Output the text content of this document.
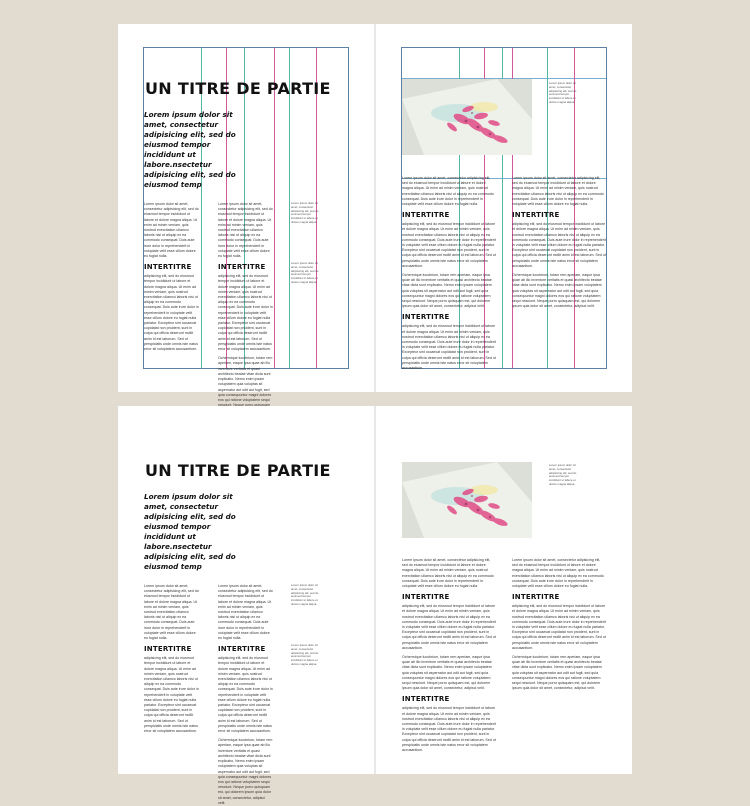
UN TITRE DE PARTIE
Lorem ipsum dolor sit amet, consectetur adipisicing elit, sed do eiusmod tempor incididunt ut labore.nsectetur adipisicing elit, sed do eiusmod temp

Lorem ipsum dolor sit amet, consectetur adipisicing elit, sed do eiusmod tempor incididunt ut labore et dolore magna aliqua. Ut enim ad minim veniam, quis nostrud exercitation ullamco laboris nisi ut aliquip ex ea commodo consequat. Duis aute irure dolor in reprehenderit in voluptate velit esse cillum dolore eu fugiat nulla.

INTERTITRE

adipisicing elit, sed do eiusmod tempor incididunt ut labore et dolore magna aliqua. Ut enim ad minim veniam, quis nostrud exercitation ullamco laboris nisi ut aliquip ex ea commodo consequat. Duis aute irure dolor in reprehenderit in voluptate velit esse cillum dolore eu fugiat nulla pariatur. Excepteur sint occaecat cupidatat non proident, sunt in culpa qui officia deserunt mollit anim id est laborum. Sed ut perspiciatis unde omnis iste natus error sit voluptatem accusantium.

Lorem ipsum dolor sit amet, consectetur adipisicing elit, sed do eiusmod tempor incididunt ut labore et dolore magna aliqua. Ut enim ad minim veniam, quis nostrud exercitation ullamco laboris nisi ut aliquip ex ea commodo consequat. Duis aute irure dolor in reprehenderit in voluptate velit esse cillum dolore eu fugiat nulla.

INTERTITRE

adipisicing elit, sed do eiusmod tempor incididunt ut labore et dolore magna aliqua. Ut enim ad minim veniam, quis nostrud exercitation ullamco laboris nisi ut aliquip ex ea commodo consequat. Duis aute irure dolor in reprehenderit in voluptate velit esse cillum dolore eu fugiat nulla pariatur. Excepteur sint occaecat cupidatat non proident, sunt in culpa qui officia deserunt mollit anim id est laborum. Sed ut perspiciatis unde omnis iste natus error sit voluptatem accusantium.

Ochermique lucubrium, totam rem aperiam, eaque ipsa quae ab illo inventore veritatis et quasi architecto beatae vitae dicta sunt explicabo. Nemo enim ipsam voluptatem quia voluptas sit aspernatur aut odit aut fugit, sed quia consequuntur magni dolores eos qui ratione voluptatem sequi

Lorem ipsum dolor sit amet, consectetur adipisicing elit, sed do eiusmod tempor incididunt ut labore et dolore magna aliqua.
Lorem ipsum dolor sit amet, consectetur adipisicing elit, sed do eiusmod tempor incididunt ut labore et dolore magna aliqua.
Lorem ipsum dolor sit amet, consectetur adipisicing elit, sed do eiusmod tempor incididunt ut labore et dolore magna aliqua.

Lorem ipsum dolor sit amet, consectetur adipisicing elit, sed do eiusmod tempor incididunt ut labore et dolore magna aliqua. Ut enim ad minim veniam, quis nostrud exercitation ullamco laboris nisi ut aliquip ex ea commodo consequat. Duis aute irure dolor in reprehenderit in voluptate velit esse cillum dolore eu fugiat nulla.

INTERTITRE

adipisicing elit, sed do eiusmod tempor incididunt ut labore et dolore magna aliqua. Ut enim ad minim veniam, quis nostrud exercitation ullamco laboris nisi ut aliquip ex ea commodo consequat. Duis aute irure dolor in reprehenderit in voluptate velit esse cillum dolore eu fugiat nulla pariatur. Excepteur sint occaecat cupidatat non proident, sunt in culpa qui officia deserunt mollit anim id est laborum. Sed ut perspiciatis unde omnis iste natus error sit voluptatem accusantium.

Ochermique lucubrium, totam rem aperiam, eaque ipsa quae ab illo inventore veritatis et quasi architecto beatae vitae dicta sunt explicabo. Nemo enim ipsam voluptatem quia voluptas sit aspernatur aut odit aut fugit, sed quia consequuntur magni dolores eos qui ratione voluptatem sequi nesciunt. Neque porro quisquam est, qui dolorem ipsum quia dolor sit amet, consectetur, adipisci velit.

INTERTITRE

adipisicing elit, sed do eiusmod tempor incididunt ut labore et dolore magna aliqua. Ut enim ad minim veniam, quis nostrud exercitation ullamco laboris nisi ut aliquip ex ea commodo consequat. Duis aute irure dolor in reprehenderit in voluptate velit esse cillum dolore eu fugiat nulla pariatur. Excepteur sint occaecat cupidatat non proident, sunt in culpa qui officia deserunt mollit anim id est laborum. Sed ut perspiciatis unde omnis iste natus error sit voluptatem accusantium.

Lorem ipsum dolor sit amet, consectetur adipisicing elit, sed do eiusmod tempor incididunt ut labore et dolore magna aliqua. Ut enim ad minim veniam, quis nostrud exercitation ullamco laboris nisi ut aliquip ex ea commodo consequat. Duis aute irure dolor in reprehenderit in voluptate velit esse cillum dolore eu fugiat nulla.

INTERTITRE

adipisicing elit, sed do eiusmod tempor incididunt ut labore et dolore magna aliqua. Ut enim ad minim veniam, quis nostrud exercitation ullamco laboris nisi ut aliquip ex ea commodo consequat. Duis aute irure dolor in reprehenderit in voluptate velit esse cillum dolore eu fugiat nulla pariatur. Excepteur sint occaecat cupidatat non proident, sunt in culpa qui officia deserunt mollit anim id est laborum. Sed ut perspiciatis unde omnis iste natus error sit voluptatem accusantium.

Ochermique lucubrium, totam rem aperiam, eaque ipsa quae ab illo inventore veritatis et quasi architecto beatae vitae dicta sunt explicabo. Nemo enim ipsam voluptatem quia voluptas sit aspernatur aut odit aut fugit, sed quia consequuntur magni dolores eos qui ratione voluptatem sequi nesciunt. Neque porro quisquam est, qui dolorem ipsum quia dolor sit amet, consectetur, adipisci velit.

UN TITRE DE PARTIE
Lorem ipsum dolor sit amet, consectetur adipisicing elit, sed do eiusmod tempor incididunt ut labore.nsectetur adipisicing elit, sed do eiusmod temp

Lorem ipsum dolor sit amet, consectetur adipisicing elit, sed do eiusmod tempor incididunt ut labore et dolore magna aliqua. Ut enim ad minim veniam, quis nostrud exercitation ullamco laboris nisi ut aliquip ex ea commodo consequat. Duis aute irure dolor in reprehenderit in voluptate velit esse cillum dolore eu fugiat nulla.

INTERTITRE

adipisicing elit, sed do eiusmod tempor incididunt ut labore et dolore magna aliqua. Ut enim ad minim veniam, quis nostrud exercitation ullamco laboris nisi ut aliquip ex ea commodo consequat. Duis aute irure dolor in reprehenderit in voluptate velit esse cillum dolore eu fugiat nulla pariatur. Excepteur sint occaecat cupidatat non proident, sunt in culpa qui officia deserunt mollit anim id est laborum. Sed ut perspiciatis unde omnis iste natus error sit voluptatem accusantium.

Lorem ipsum dolor sit amet, consectetur adipisicing elit, sed do eiusmod tempor incididunt ut labore et dolore magna aliqua. Ut enim ad minim veniam, quis nostrud exercitation ullamco laboris nisi ut aliquip ex ea commodo consequat. Duis aute irure dolor in reprehenderit in voluptate velit esse cillum dolore eu fugiat nulla.

INTERTITRE

adipisicing elit, sed do eiusmod tempor incididunt ut labore et dolore magna aliqua. Ut enim ad minim veniam, quis nostrud exercitation ullamco laboris nisi ut aliquip ex ea commodo consequat. Duis aute irure dolor in reprehenderit in voluptate velit esse cillum dolore eu fugiat nulla pariatur. Excepteur sint occaecat cupidatat non proident, sunt in culpa qui officia deserunt mollit anim id est laborum. Sed ut perspiciatis unde omnis iste natus error sit voluptatem accusantium.

Ochermique lucubrium, totam rem aperiam, eaque ipsa quae ab illo inventore veritatis et quasi architecto beatae vitae dicta sunt explicabo. Nemo enim ipsam voluptatem quia voluptas sit aspernatur aut odit aut fugit, sed quia consequuntur magni dolores eos qui ratione voluptatem sequi nesciunt. Neque porro quisquam est, qui dolorem ipsum quia dolor sit amet, consectetur, adipisci velit.

Lorem ipsum dolor sit amet, consectetur adipisicing elit, sed do eiusmod tempor incididunt ut labore et dolore magna aliqua.
Lorem ipsum dolor sit amet, consectetur adipisicing elit, sed do eiusmod tempor incididunt ut labore et dolore magna aliqua.
Lorem ipsum dolor sit amet, consectetur adipisicing elit, sed do eiusmod tempor incididunt ut labore et dolore magna aliqua.

Lorem ipsum dolor sit amet, consectetur adipisicing elit, sed do eiusmod tempor incididunt ut labore et dolore magna aliqua. Ut enim ad minim veniam, quis nostrud exercitation ullamco laboris nisi ut aliquip ex ea commodo consequat. Duis aute irure dolor in reprehenderit in voluptate velit esse cillum dolore eu fugiat nulla.

INTERTITRE

adipisicing elit, sed do eiusmod tempor incididunt ut labore et dolore magna aliqua. Ut enim ad minim veniam, quis nostrud exercitation ullamco laboris nisi ut aliquip ex ea commodo consequat. Duis aute irure dolor in reprehenderit in voluptate velit esse cillum dolore eu fugiat nulla pariatur. Excepteur sint occaecat cupidatat non proident, sunt in culpa qui officia deserunt mollit anim id est laborum. Sed ut perspiciatis unde omnis iste natus error sit voluptatem accusantium.

Ochermique lucubrium, totam rem aperiam, eaque ipsa quae ab illo inventore veritatis et quasi architecto beatae vitae dicta sunt explicabo. Nemo enim ipsam voluptatem quia voluptas sit aspernatur aut odit aut fugit, sed quia consequuntur magni dolores eos qui ratione voluptatem sequi nesciunt. Neque porro quisquam est, qui dolorem ipsum quia dolor sit amet, consectetur, adipisci velit.

INTERTITRE

adipisicing elit, sed do eiusmod tempor incididunt ut labore et dolore magna aliqua. Ut enim ad minim veniam, quis nostrud exercitation ullamco laboris nisi ut aliquip ex ea commodo consequat. Duis aute irure dolor in reprehenderit in voluptate velit esse cillum dolore eu fugiat nulla pariatur. Excepteur sint occaecat cupidatat non proident, sunt in culpa qui officia deserunt mollit anim id est laborum. Sed ut perspiciatis unde omnis iste natus error sit voluptatem accusantium.

Lorem ipsum dolor sit amet, consectetur adipisicing elit, sed do eiusmod tempor incididunt ut labore et dolore magna aliqua. Ut enim ad minim veniam, quis nostrud exercitation ullamco laboris nisi ut aliquip ex ea commodo consequat. Duis aute irure dolor in reprehenderit in voluptate velit esse cillum dolore eu fugiat nulla.

INTERTITRE

adipisicing elit, sed do eiusmod tempor incididunt ut labore et dolore magna aliqua. Ut enim ad minim veniam, quis nostrud exercitation ullamco laboris nisi ut aliquip ex ea commodo consequat. Duis aute irure dolor in reprehenderit in voluptate velit esse cillum dolore eu fugiat nulla pariatur. Excepteur sint occaecat cupidatat non proident, sunt in culpa qui officia deserunt mollit anim id est laborum. Sed ut perspiciatis unde omnis iste natus error sit voluptatem accusantium.

Ochermique lucubrium, totam rem aperiam, eaque ipsa quae ab illo inventore veritatis et quasi architecto beatae vitae dicta sunt explicabo. Nemo enim ipsam voluptatem quia voluptas sit aspernatur aut odit aut fugit, sed quia consequuntur magni dolores eos qui ratione voluptatem sequi nesciunt. Neque porro quisquam est, qui dolorem ipsum quia dolor sit amet, consectetur, adipisci velit.
